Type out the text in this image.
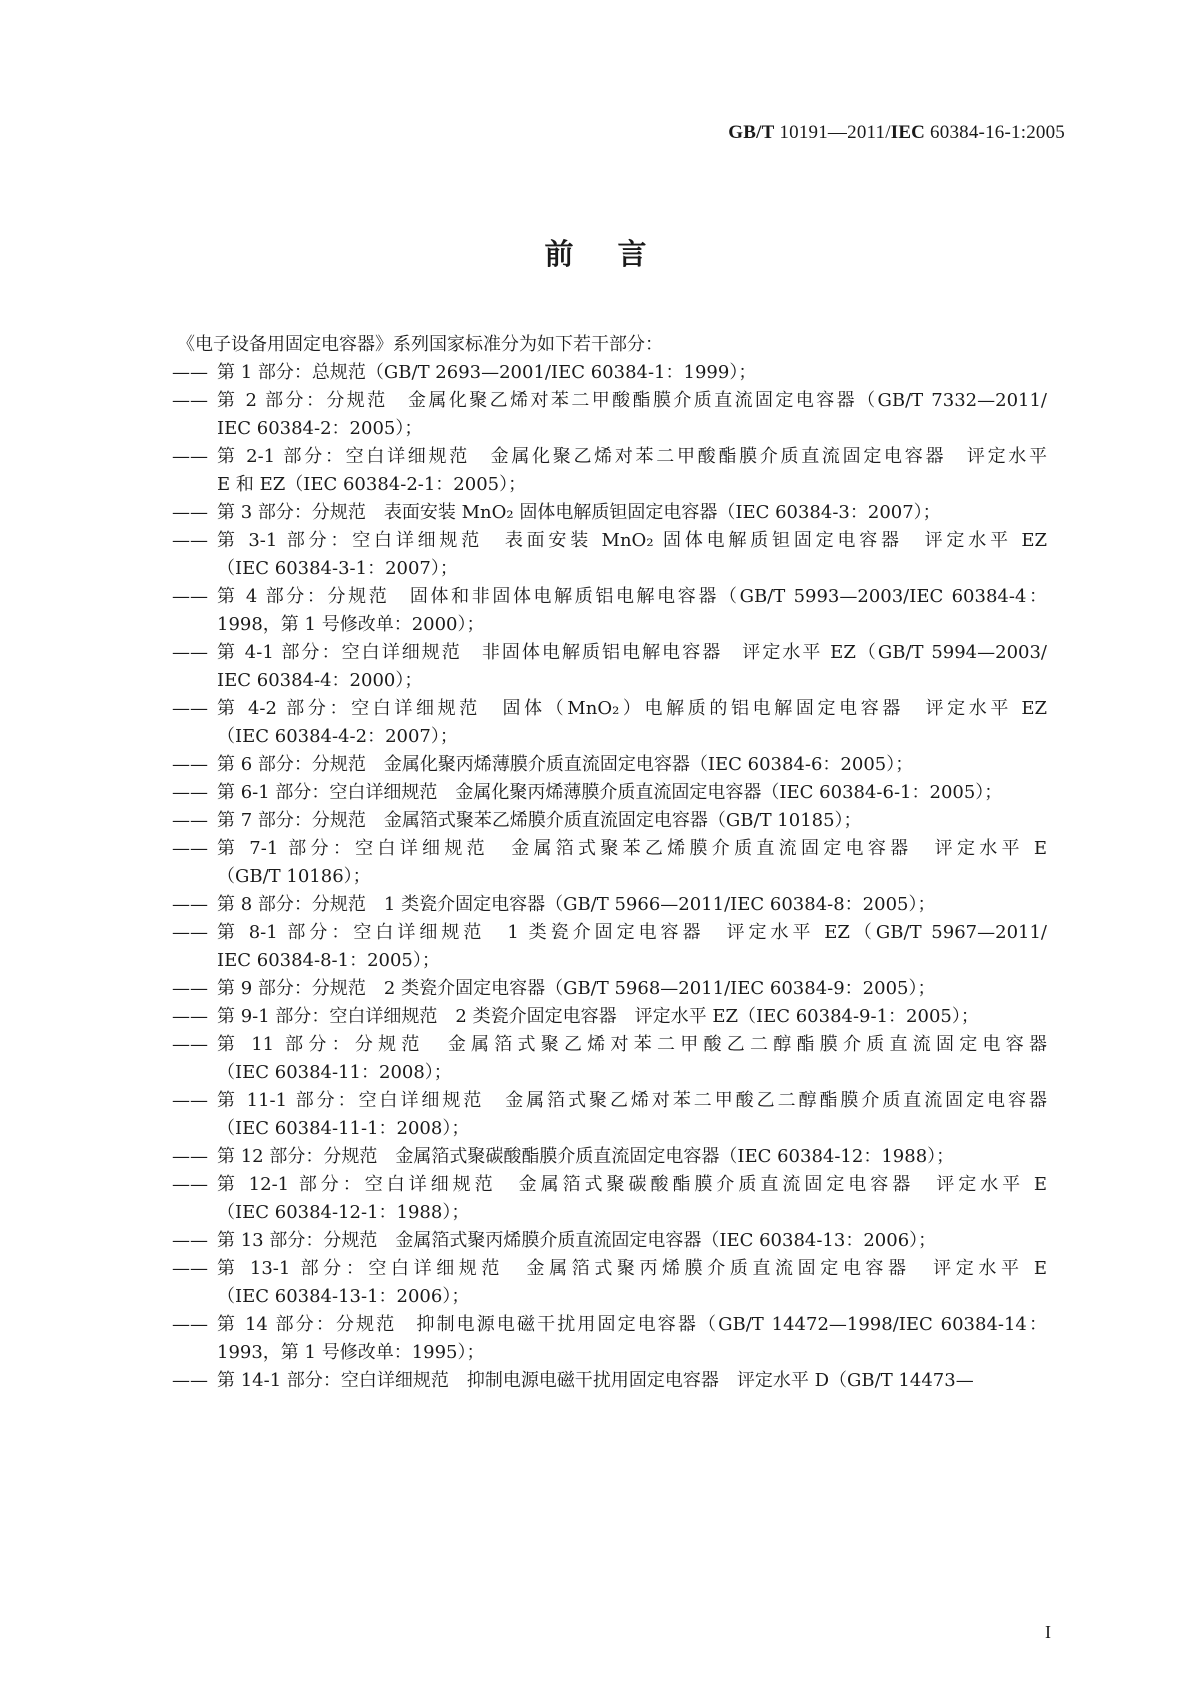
GB/T 10191—2011/IEC 60384-16-1:2005
前言
《电子设备用固定电容器》系列国家标准分为如下若干部分：
—— 第 1 部分：总规范（GB/T 2693—2001/IEC 60384-1：1999）；
—— 第 2 部分：分规范　金属化聚乙烯对苯二甲酸酯膜介质直流固定电容器（GB/T 7332—2011/
IEC 60384-2：2005）；
—— 第 2-1 部分：空白详细规范　金属化聚乙烯对苯二甲酸酯膜介质直流固定电容器　评定水平
E 和 EZ（IEC 60384-2-1：2005）；
—— 第 3 部分：分规范　表面安装 MnO₂ 固体电解质钽固定电容器（IEC 60384-3：2007）；
—— 第 3-1 部分：空白详细规范　表面安装 MnO₂ 固体电解质钽固定电容器　评定水平 EZ
（IEC 60384-3-1：2007）；
—— 第 4 部分：分规范　固体和非固体电解质铝电解电容器（GB/T 5993—2003/IEC 60384-4：
1998，第 1 号修改单：2000）；
—— 第 4-1 部分：空白详细规范　非固体电解质铝电解电容器　评定水平 EZ（GB/T 5994—2003/
IEC 60384-4：2000）；
—— 第 4-2 部分：空白详细规范　固体（MnO₂）电解质的铝电解固定电容器　评定水平 EZ
（IEC 60384-4-2：2007）；
—— 第 6 部分：分规范　金属化聚丙烯薄膜介质直流固定电容器（IEC 60384-6：2005）；
—— 第 6-1 部分：空白详细规范　金属化聚丙烯薄膜介质直流固定电容器（IEC 60384-6-1：2005）；
—— 第 7 部分：分规范　金属箔式聚苯乙烯膜介质直流固定电容器（GB/T 10185）；
—— 第 7-1 部分：空白详细规范　金属箔式聚苯乙烯膜介质直流固定电容器　评定水平 E
（GB/T 10186）；
—— 第 8 部分：分规范　1 类瓷介固定电容器（GB/T 5966—2011/IEC 60384-8：2005）；
—— 第 8-1 部分：空白详细规范　1 类瓷介固定电容器　评定水平 EZ（GB/T 5967—2011/
IEC 60384-8-1：2005）；
—— 第 9 部分：分规范　2 类瓷介固定电容器（GB/T 5968—2011/IEC 60384-9：2005）；
—— 第 9-1 部分：空白详细规范　2 类瓷介固定电容器　评定水平 EZ（IEC 60384-9-1：2005）；
—— 第 11 部分：分规范　金属箔式聚乙烯对苯二甲酸乙二醇酯膜介质直流固定电容器
（IEC 60384-11：2008）；
—— 第 11-1 部分：空白详细规范　金属箔式聚乙烯对苯二甲酸乙二醇酯膜介质直流固定电容器
（IEC 60384-11-1：2008）；
—— 第 12 部分：分规范　金属箔式聚碳酸酯膜介质直流固定电容器（IEC 60384-12：1988）；
—— 第 12-1 部分：空白详细规范　金属箔式聚碳酸酯膜介质直流固定电容器　评定水平 E
（IEC 60384-12-1：1988）；
—— 第 13 部分：分规范　金属箔式聚丙烯膜介质直流固定电容器（IEC 60384-13：2006）；
—— 第 13-1 部分：空白详细规范　金属箔式聚丙烯膜介质直流固定电容器　评定水平 E
（IEC 60384-13-1：2006）；
—— 第 14 部分：分规范　抑制电源电磁干扰用固定电容器（GB/T 14472—1998/IEC 60384-14：
1993，第 1 号修改单：1995）；
—— 第 14-1 部分：空白详细规范　抑制电源电磁干扰用固定电容器　评定水平 D（GB/T 14473—
I
